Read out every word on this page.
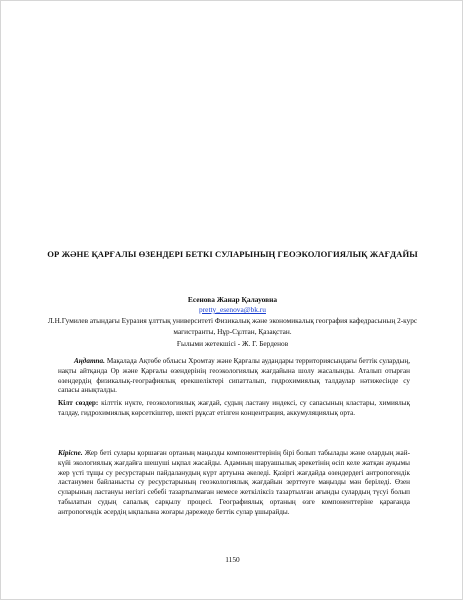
ОР ЖӘНЕ ҚАРҒАЛЫ ӨЗЕНДЕРІ БЕТКІ СУЛАРЫНЫҢ ГЕОЭКОЛОГИЯЛЫҚ ЖАҒДАЙЫ
Есенова Жанар Қалауовна
pretty_esenova@bk.ru
Л.Н.Гумилев атындағы Еуразия ұлттық университеті Физикалық және экономикалық география кафедрасының 2-курс магистранты, Нұр-Сұлтан, Қазақстан.
Ғылыми жетекшісі - Ж. Г. Берденов
Аңдатпа. Мақалада Ақтөбе облысы Хромтау және Қарғалы аудандары территориясындағы беттік сулардың, нақты айтқанда Ор және Қарғалы өзендерінің геоэкологиялық жағдайына шолу жасалынды. Аталып отырған өзендердің физикалық-географиялық ерекшеліктері сипатталып, гидрохимиялық талдаулар нәтижесінде су сапасы анықталды.
Кілт сөздер: кілттік нүкте, геоэкологиялық жағдай, судың ластану индексі, су сапасының кластары, химиялық талдау, гидрохимиялық көрсеткіштер, шекті рұқсат етілген концентрация, аккумуляциялық орта.
Кіріспе. Жер беті сулары қоршаған ортаның маңызды компоненттерінің бірі болып табылады және олардың жай-күйі экологиялық жағдайға шешуші ықпал жасайды. Адамның шаруашылық әрекетінің өсіп келе жатқан ауқымы жер үсті тұщы су ресурстарын пайдаланудың күрт артуына әкеледі. Қазіргі жағдайда өзендердегі антропогендік ластанумен байланысты су ресурстарының геоэкологиялық жағдайын зерттеуге маңызды мән беріледі. Өзен суларының ластануы негізгі себебі тазартылмаған немесе жеткіліксіз тазартылған ағынды сулардың түсуі болып табылатын судың сапалық сарқылу процесі. Географиялық ортаның өзге компоненттеріне қарағанда антропогендік әсердің ықпалына жоғары дәрежеде беттік сулар ұшырайды.
1150
